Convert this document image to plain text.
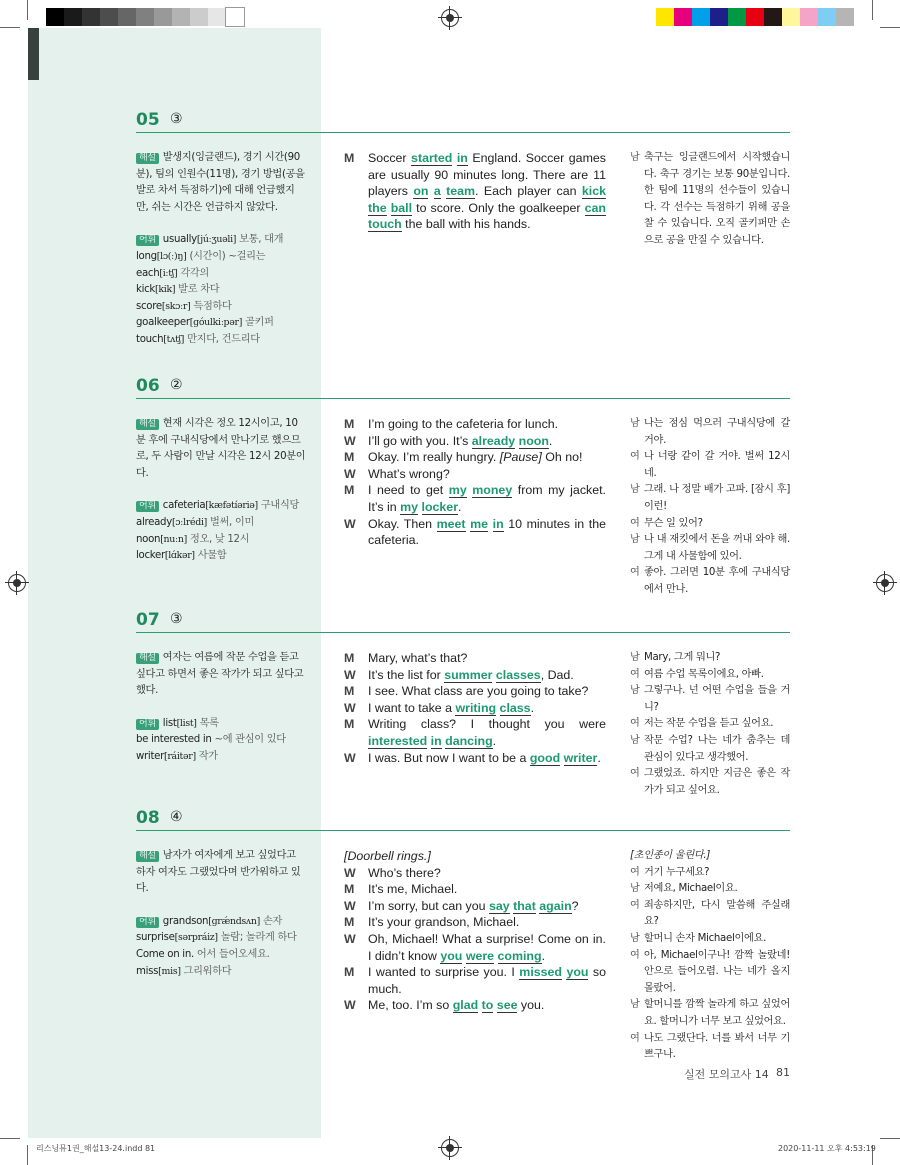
05 ③
해설 발생지(잉글랜드), 경기 시간(90분), 팀의 인원수(11명), 경기 방법(공을 발로 차서 득점하기)에 대해 언급했지만, 쉬는 시간은 언급하지 않았다.
어휘 usually[júːʒuəli] 보통, 대개
long[lɔ(ː)ŋ] (시간이) ~걸리는
each[iːtʃ] 각각의
kick[kik] 발로 차다
score[skɔːr] 득점하다
goalkeeper[góulkiːpər] 골키퍼
touch[tʌtʃ] 만지다, 건드리다
M Soccer started in England. Soccer games are usually 90 minutes long. There are 11 players on a team. Each player can kick the ball to score. Only the goalkeeper can touch the ball with his hands.
남 축구는 잉글랜드에서 시작했습니다. 축구 경기는 보통 90분입니다. 한 팀에 11명의 선수들이 있습니다. 각 선수는 득점하기 위해 공을 찰 수 있습니다. 오직 골키퍼만 손으로 공을 만질 수 있습니다.
06 ②
해설 현재 시각은 정오 12시이고, 10분 후에 구내식당에서 만나기로 했으므로, 두 사람이 만날 시각은 12시 20분이다.
어휘 cafeteria[kæfətíəriə] 구내식당
already[ɔːlrédi] 벌써, 이미
noon[nuːn] 정오, 낮 12시
locker[lɑ́kər] 사물함
M I’m going to the cafeteria for lunch.
W I’ll go with you. It’s already noon.
M Okay. I’m really hungry. [Pause] Oh no!
W What’s wrong?
M I need to get my money from my jacket. It’s in my locker.
W Okay. Then meet me in 10 minutes in the cafeteria.
남 나는 점심 먹으러 구내식당에 갈 거야.
여 나 너랑 같이 갈 거야. 벌써 12시네.
남 그래. 나 정말 배가 고파. [잠시 후] 이런!
여 무슨 일 있어?
남 나 내 재킷에서 돈을 꺼내 와야 해. 그게 내 사물함에 있어.
여 좋아. 그러면 10분 후에 구내식당에서 만나.
07 ③
해설 여자는 여름에 작문 수업을 듣고 싶다고 하면서 좋은 작가가 되고 싶다고 했다.
어휘 list[list] 목록
be interested in ~에 관심이 있다
writer[ráitər] 작가
M Mary, what’s that?
W It’s the list for summer classes, Dad.
M I see. What class are you going to take?
W I want to take a writing class.
M Writing class? I thought you were interested in dancing.
W I was. But now I want to be a good writer.
남 Mary, 그게 뭐니?
여 여름 수업 목록이에요, 아빠.
남 그렇구나. 넌 어떤 수업을 들을 거니?
여 저는 작문 수업을 듣고 싶어요.
남 작문 수업? 나는 네가 춤추는 데 관심이 있다고 생각했어.
여 그랬었죠. 하지만 지금은 좋은 작가가 되고 싶어요.
08 ④
해설 남자가 여자에게 보고 싶었다고 하자 여자도 그랬었다며 반가워하고 있다.
어휘 grandson[grǽndsʌn] 손자
surprise[sərpráiz] 놀람; 놀라게 하다
Come on in. 어서 들어오세요.
miss[mis] 그리워하다
[Doorbell rings.]
W Who’s there?
M It’s me, Michael.
W I’m sorry, but can you say that again?
M It’s your grandson, Michael.
W Oh, Michael! What a surprise! Come on in. I didn’t know you were coming.
M I wanted to surprise you. I missed you so much.
W Me, too. I’m so glad to see you.
[초인종이 울린다.]
여 거기 누구세요?
남 저예요, Michael이요.
여 죄송하지만, 다시 말씀해 주실래요?
남 할머니 손자 Michael이에요.
여 아, Michael이구나! 깜짝 놀랐네! 안으로 들어오렴. 나는 네가 올지 몰랐어.
남 할머니를 깜짝 놀라게 하고 싶었어요. 할머니가 너무 보고 싶었어요.
여 나도 그랬단다. 너를 봐서 너무 기쁘구나.
실전 모의고사 14 81
리스닝뮤1권_해설13-24.indd 81	2020-11-11 오후 4:53:19
